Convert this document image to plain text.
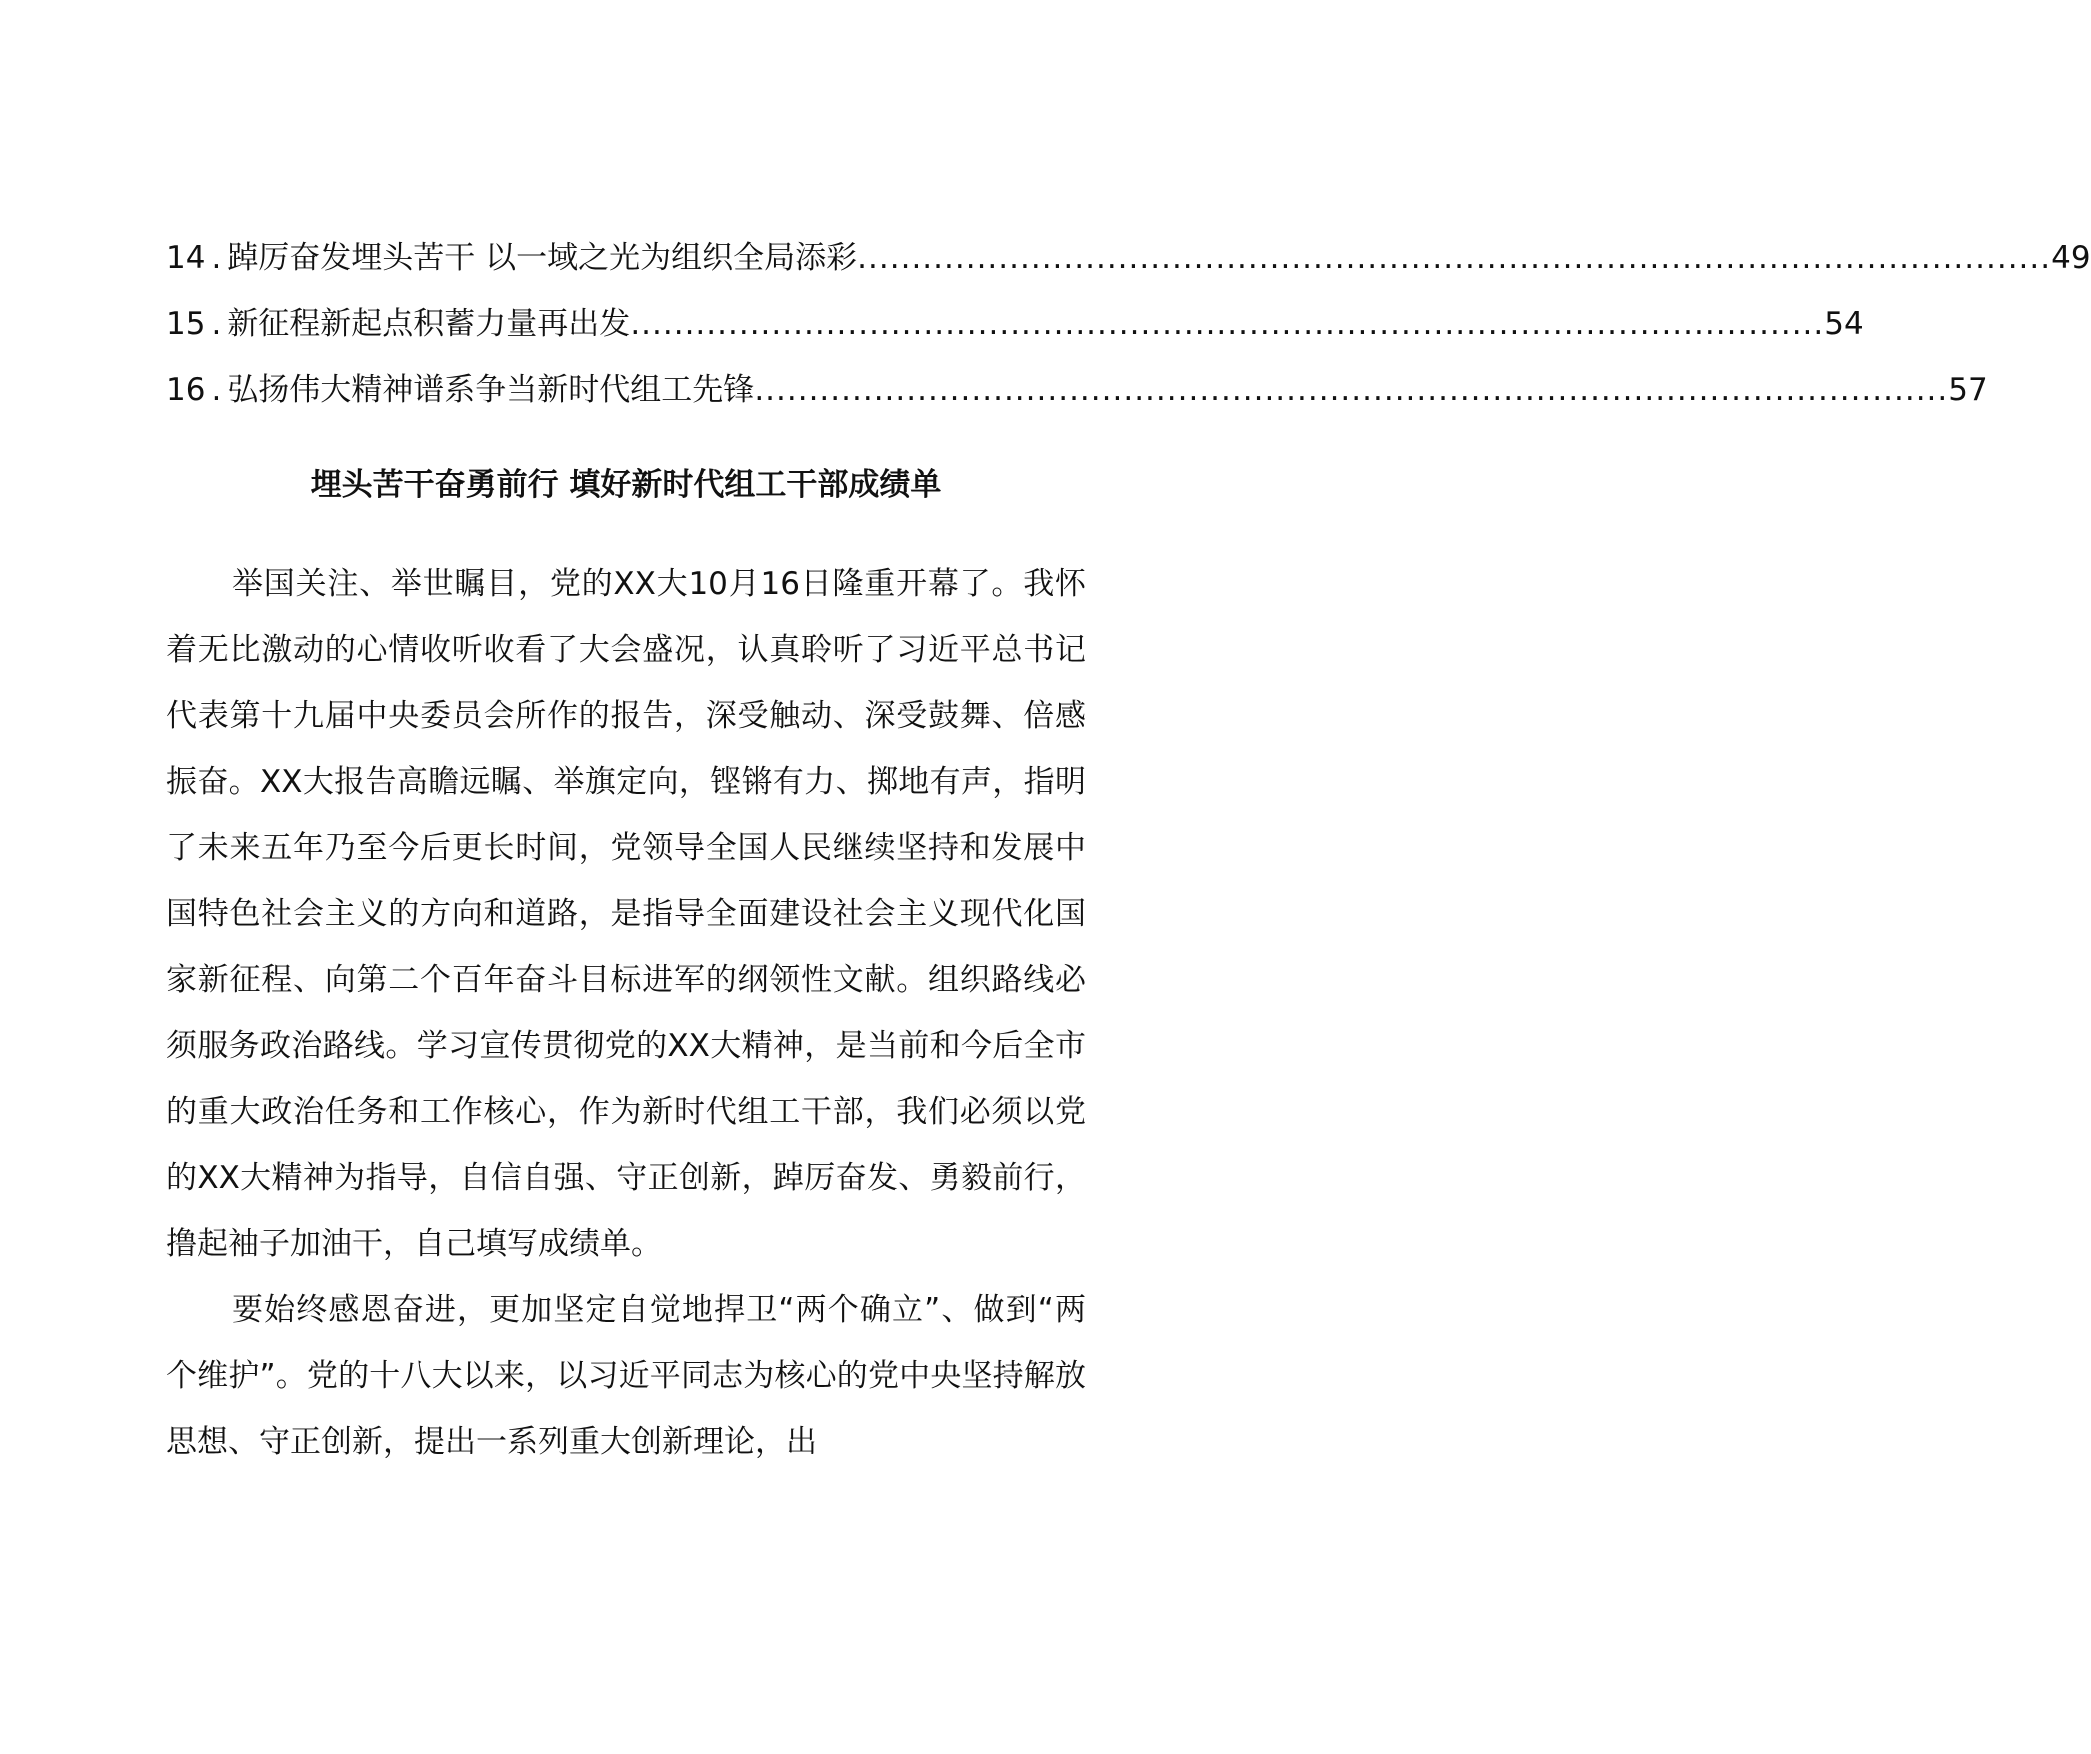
14 . 踔厉奋发埋头苦干 以一域之光为组织全局添彩 .............................................................................................................. 49
15 . 新征程新起点积蓄力量再出发 .............................................................................................................. 54
16 . 弘扬伟大精神谱系争当新时代组工先锋 .............................................................................................................. 57
埋头苦干奋勇前行 填好新时代组工干部成绩单

举国关注、举世瞩目，党的XX大10月16日隆重开幕了。我怀着无比激动的心情收听收看了大会盛况，认真聆听了习近平总书记代表第十九届中央委员会所作的报告，深受触动、深受鼓舞、倍感振奋。XX大报告高瞻远瞩、举旗定向，铿锵有力、掷地有声，指明了未来五年乃至今后更长时间，党领导全国人民继续坚持和发展中国特色社会主义的方向和道路，是指导全面建设社会主义现代化国家新征程、向第二个百年奋斗目标进军的纲领性文献。组织路线必须服务政治路线。学习宣传贯彻党的XX大精神，是当前和今后全市的重大政治任务和工作核心，作为新时代组工干部，我们必须以党的XX大精神为指导，自信自强、守正创新，踔厉奋发、勇毅前行，撸起袖子加油干，自己填写成绩单。

要始终感恩奋进，更加坚定自觉地捍卫“两个确立”、做到“两个维护”。党的十八大以来，以习近平同志为核心的党中央坚持解放思想、守正创新，提出一系列重大创新理论，出
